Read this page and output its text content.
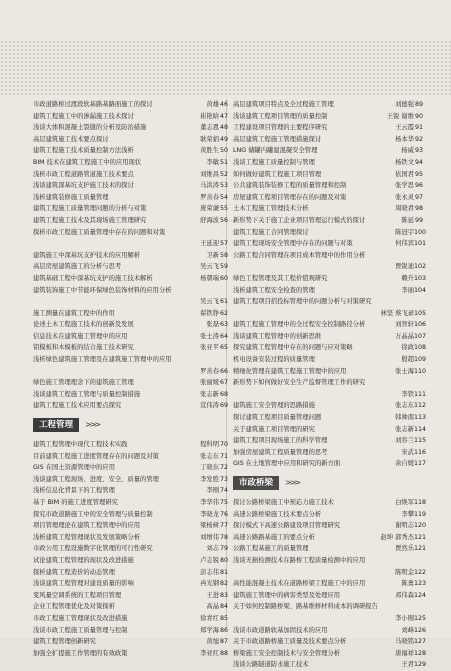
市政道路桥过渡段软基路基路面施工的探讨	黄雄 46
建筑工程施工中的渗漏施工技术探讨	崔艳晗 47
浅谈大体积混凝土裂缝的分析及防治措施	董志恩 48
高层建筑施工技术要点探讨	耿荣娟 49
建筑工程施工技术质量控制方法浅析	黄胜生 50
BIM 技术在建筑工程施工中的应用现状	李敏 51
浅析市政工程道路管道施工技术要点	刘维昌 52
浅谈建筑深基坑支护施工技术的探讨	马洪涛 53
浅析建筑装修施工质量管理	罗善春 54
建筑工程施工质量管理问题的分析与对策	庞荣谦 55
建筑工程施工技术及其现场施工管理研究	舒海波 56
探析市政工程施工质量管理中存在的问题和对策
王延迎 57
建筑施工中深基坑支护技术的应用解析	卫新 58
高层房屋建筑施工的分析与思考	吴云飞 59
建筑基础工程中深基坑支护的施工技术解析	杨朝瑞 60
建筑装饰施工中节能环保绿色装饰材料的应用分析
吴云飞 61
施工测量在建筑工程中的作用	翟铁铮 62
论述土木工程施工技术的创新及发展	张磊 63
信息技术在建筑施工管理中的应用	张士涛 64
铝模板和木模板的结合施工技术研究	张亚平 65
浅析绿色建筑施工管理及在建筑施工管理中的应用
罗善春 66
绿色施工管理理念下的建筑施工管理	张丽媛 67
浅谈建筑工程施工管理与质量控制措施	张志新 68
建筑工程施工技术应用要点探究	宣伟涛 69
工程管理	>>>
建筑工程管理中现代工程技术实践	程科明 70
目前建筑工程施工进度管理存在的问题及对策	张志东 71
GIS 在国土资源管理中的应用	丁晓东 72
浅谈建筑工程现场、进度、安全、质量的管理	李发胜 73
浅析信息化背景下的工程管理	李刚 74
基于 BIM 的施工进度管理研究	李华伟 75
探究市政道路施工中的安全管理与质量控制	李晓龙 76
项目管理理论在建筑工程管理中的应用	梁杨树 77
浅析建筑工程管理现状及发展策略分析	刘增伟 78
市政公用工程设施数字化管理的可行性研究	刘志 79
试论建筑工程管理的现状及改进措施	卢志锐 80
探析建筑工程造价的动态管理	彭志伟 81
浅谈建筑工程管理对建设质量的影响	冉光钢 82
变风量空调系统的工程项目管理	王进 83
企业工程管理优化及对策探析	高晶 84
市政工程施工管理现状及改进措施	徐青红 85
浅谈市政工程施工质量管理与控制	郑学海 86
建筑工程管理创新研究	黄旭 87
加强全扩提施工作管理的有效政策	李亚红 88
高层建筑项目特点及全过程施工管理	刘德强 89
浅谈建筑工程项目管理的质量控制	王锐 谢维 90
工程建设项目管理的主要程序研究	王云霞 91
高层建筑工程施工管理措施探讨	杨本华 92
LNG 储罐内罐湿混凝安全管理	杨威 93
浅谈工程施工质量控制与管理	杨铁文 94
如何做好建筑工程施工项目管理	依国君 95
公共建筑装饰装修工程的质量管理和控制	张学思 96
房屋建筑工程项目管理存在的问题及对策	张永灵 97
土木工程施工管理技术分析	周晓君 98
新形势下关于施工企业项目管理运行模式的探讨	陈延 99
建筑工程施工合同管理探讨	陈冠宇 100
建筑工程现场安全管理中存在的问题与对策	何伟宾 101
公路工程合同管理在项目成本管理中的作用分析
贾锐迪 102
绿色工程管理及其工程价值观研究	赖升 103
浅析建筑工程安全检查的管理	李丽 104
建筑工程项目招投标管理中的问题分析与对策研究
林坚 蔡飞录 105
建筑工程施工管理中的全过程安全控制路径分析	刘智轩 106
浅谈建筑工程管理中的创新思维	万晶晶 107
探究建筑工程管理中存在的问题与应对策略	徐政 108
机电设备安装过程的质量管理	殷超 109
精细化管理在建筑工程施工管理中的应用	张士海 110
新形势下如何做好安全生产监督管理工作的研究
李铁 111
建筑施工安全管理的思路措施	张志东 112
探讨建筑工程项目质量管理问题	韩帅南 113
关于建筑施工项目管理的研究	张志新 114
建筑工程项目现场施工的科学管理	刘容兰 115
加强房屋建筑工程质量管理的思考	宋武 116
GIS 在土地管理中应用和研究的新方面	余自媛 117
市政桥梁	>>>
探讨公路桥梁施工中预応力施工技术	白焕军 118
高速公路桥梁施工技术要点分析	李攀 119
探讨模式下高速公路建设项目管理研究	谢明志 120
高速公路路基施工的要点分析	赵坤 郭秀杰 121
公路工程基施工的质量管理	贾然乐 121
浅谈无损检测技术在路桥工程质量检测中的应用
陈明金 122
高性能混凝土技术在道路桥梁工程施工中的应用	陈勇 123
建筑施工管理中的病害类型及处理应用	邓伟森 124
关于如何控制路桥梁、路基维修材料成本的调研报告
李小刚 125
浅谈市政道路软基加固技术的应用	刘峰 126
关于市政道路桥施工质量及技术要点分析	马晓铭 127
桥梁施工安全控制技术与安全管理分析	唐福祥 128
浅谈公路隧道防水施工技术	王君 129
